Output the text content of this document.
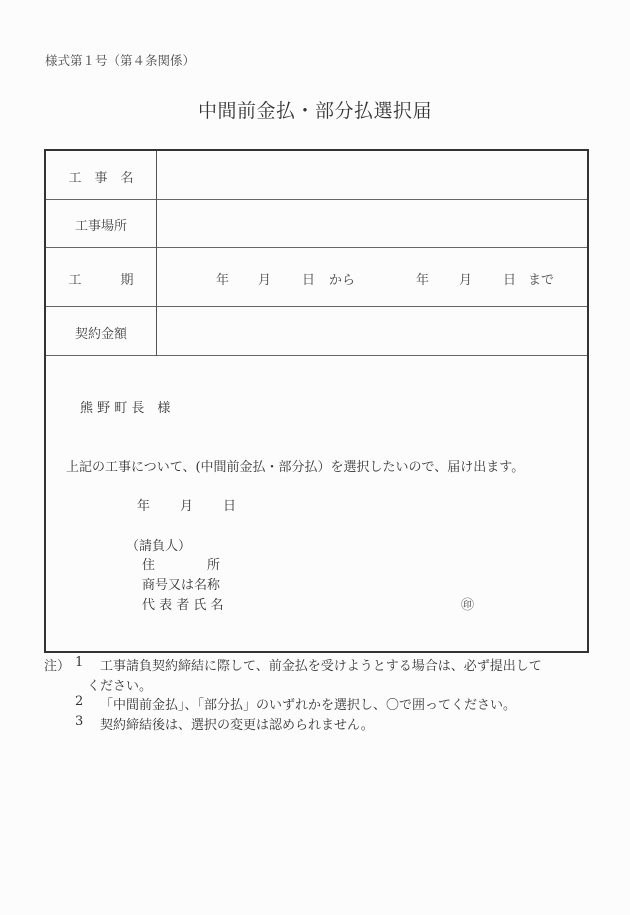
様式第１号（第４条関係）
中間前金払・部分払選択届
工　事　名
工事場所
工　　　期	年 月 日 から	年 月 日 まで
契約金額
熊 野 町 長　様
上記の工事について、(中間前金払・部分払）を選択したいので、届け出ます。
年 月 日
（請負人）
住　　　　所
商号又は名称
代 表 者 氏 名	㊞
注） 1 工事請負契約締結に際して、前金払を受けようとする場合は、必ず提出して
ください。
2 「中間前金払」、「部分払」のいずれかを選択し、〇で囲ってください。
3 契約締結後は、選択の変更は認められません。
